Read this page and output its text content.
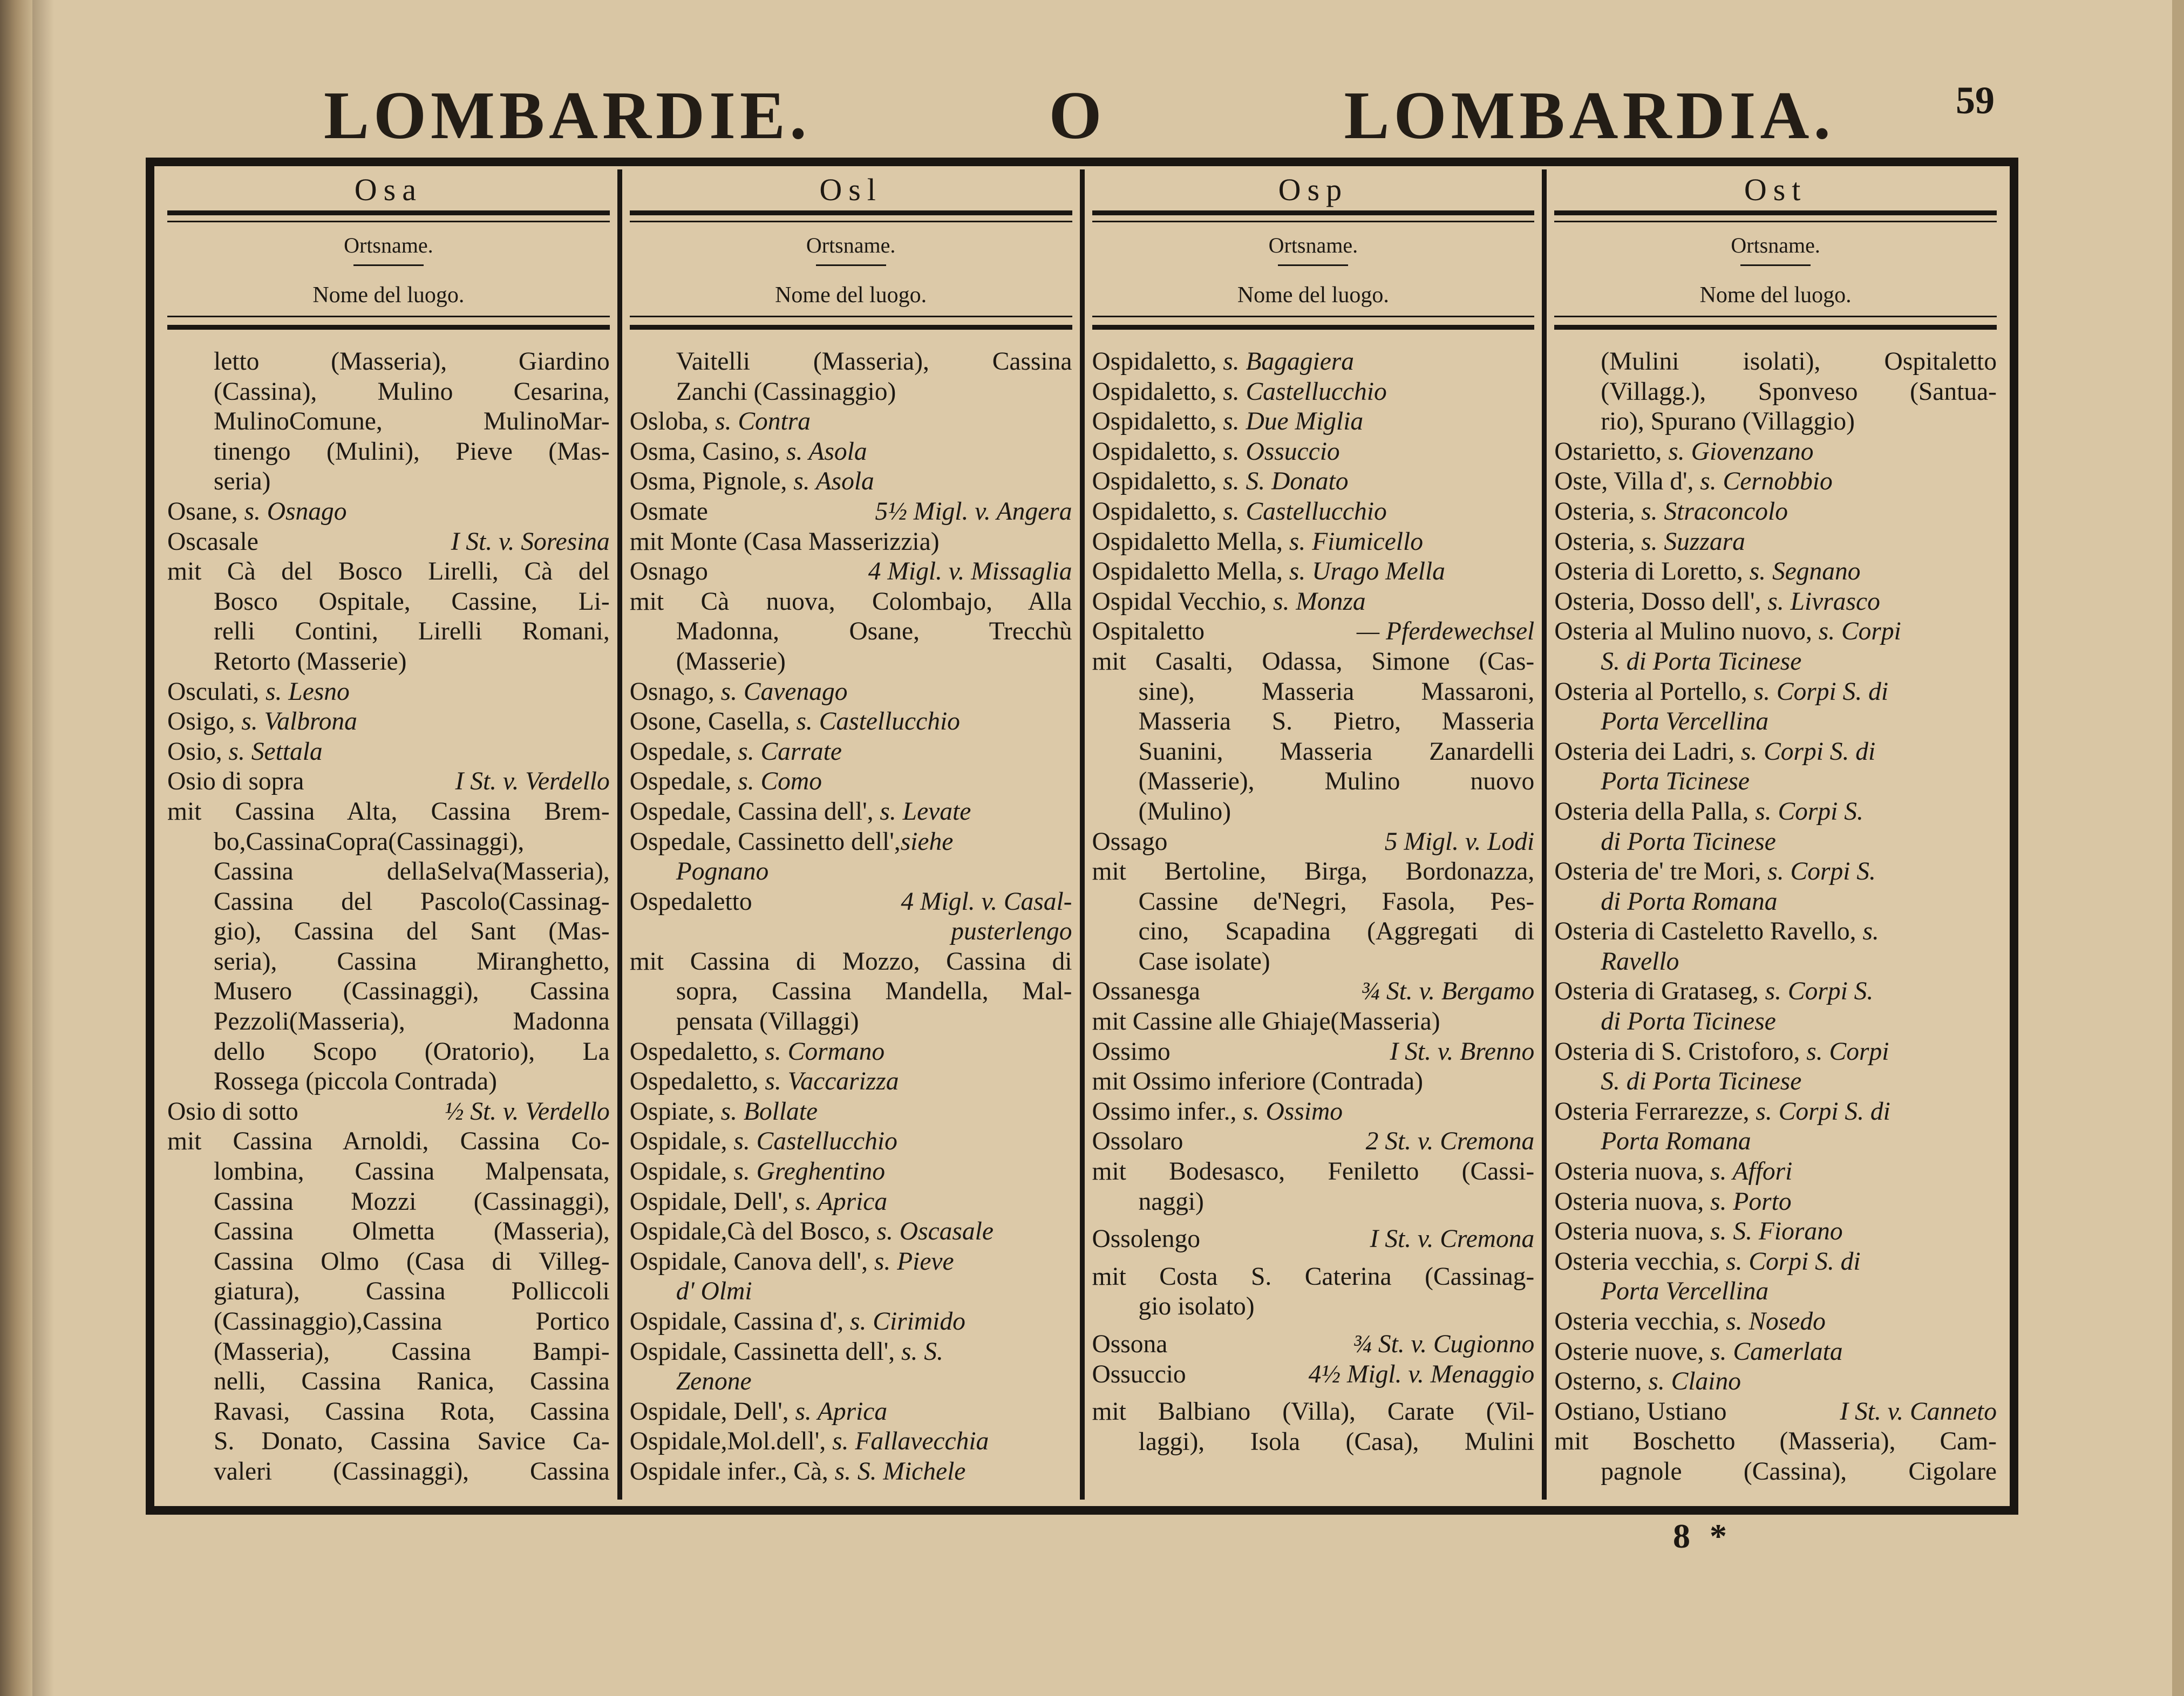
LOMBARDIE.	O	LOMBARDIA.	59
Osa
Ortsname.
Nome del luogo.
letto (Masseria), Giardino
(Cassina), Mulino Cesarina,
MulinoComune, MulinoMar-
tinengo (Mulini), Pieve (Mas-
seria)
Osane, s. Osnago
Oscasale	I St. v. Soresina
mit Cà del Bosco Lirelli, Cà del
Bosco Ospitale, Cassine, Li-
relli Contini, Lirelli Romani,
Retorto (Masserie)
Osculati, s. Lesno
Osigo, s. Valbrona
Osio, s. Settala
Osio di sopra	I St. v. Verdello
mit Cassina Alta, Cassina Brem-
bo,CassinaCopra(Cassinaggi),
Cassina dellaSelva(Masseria),
Cassina del Pascolo(Cassinag-
gio), Cassina del Sant (Mas-
seria), Cassina Miranghetto,
Musero (Cassinaggi), Cassina
Pezzoli(Masseria), Madonna
dello Scopo (Oratorio), La
Rossega (piccola Contrada)
Osio di sotto	½ St. v. Verdello
mit Cassina Arnoldi, Cassina Co-
lombina, Cassina Malpensata,
Cassina Mozzi (Cassinaggi),
Cassina Olmetta (Masseria),
Cassina Olmo (Casa di Villeg-
giatura), Cassina Polliccoli
(Cassinaggio),Cassina Portico
(Masseria), Cassina Bampi-
nelli, Cassina Ranica, Cassina
Ravasi, Cassina Rota, Cassina
S. Donato, Cassina Savice Ca-
valeri (Cassinaggi), Cassina
Osl
Ortsname.
Nome del luogo.
Vaitelli (Masseria), Cassina
Zanchi (Cassinaggio)
Osloba, s. Contra
Osma, Casino, s. Asola
Osma, Pignole, s. Asola
Osmate	5½ Migl. v. Angera
mit Monte (Casa Masserizzia)
Osnago	4 Migl. v. Missaglia
mit Cà nuova, Colombajo, Alla
Madonna, Osane, Trecchù
(Masserie)
Osnago, s. Cavenago
Osone, Casella, s. Castellucchio
Ospedale, s. Carrate
Ospedale, s. Como
Ospedale, Cassina dell', s. Levate
Ospedale, Cassinetto dell',siehe
Pognano
Ospedaletto	4 Migl. v. Casal-
pusterlengo
mit Cassina di Mozzo, Cassina di
sopra, Cassina Mandella, Mal-
pensata (Villaggi)
Ospedaletto, s. Cormano
Ospedaletto, s. Vaccarizza
Ospiate, s. Bollate
Ospidale, s. Castellucchio
Ospidale, s. Greghentino
Ospidale, Dell', s. Aprica
Ospidale,Cà del Bosco, s. Oscasale
Ospidale, Canova dell', s. Pieve
d' Olmi
Ospidale, Cassina d', s. Cirimido
Ospidale, Cassinetta dell', s. S.
Zenone
Ospidale, Dell', s. Aprica
Ospidale,Mol.dell', s. Fallavecchia
Ospidale infer., Cà, s. S. Michele
Osp
Ortsname.
Nome del luogo.
Ospidaletto, s. Bagagiera
Ospidaletto, s. Castellucchio
Ospidaletto, s. Due Miglia
Ospidaletto, s. Ossuccio
Ospidaletto, s. S. Donato
Ospidaletto, s. Castellucchio
Ospidaletto Mella, s. Fiumicello
Ospidaletto Mella, s. Urago Mella
Ospidal Vecchio, s. Monza
Ospitaletto	— Pferdewechsel
mit Casalti, Odassa, Simone (Cas-
sine), Masseria Massaroni,
Masseria S. Pietro, Masseria
Suanini, Masseria Zanardelli
(Masserie), Mulino nuovo
(Mulino)
Ossago	5 Migl. v. Lodi
mit Bertoline, Birga, Bordonazza,
Cassine de'Negri, Fasola, Pes-
cino, Scapadina (Aggregati di
Case isolate)
Ossanesga	¾ St. v. Bergamo
mit Cassine alle Ghiaje(Masseria)
Ossimo	I St. v. Brenno
mit Ossimo inferiore (Contrada)
Ossimo infer., s. Ossimo
Ossolaro	2 St. v. Cremona
mit Bodesasco, Feniletto (Cassi-
naggi)
Ossolengo	I St. v. Cremona
mit Costa S. Caterina (Cassinag-
gio isolato)
Ossona	¾ St. v. Cugionno
Ossuccio	4½ Migl. v. Menaggio
mit Balbiano (Villa), Carate (Vil-
laggi), Isola (Casa), Mulini
Ost
Ortsname.
Nome del luogo.
(Mulini isolati), Ospitaletto
(Villagg.), Sponveso (Santua-
rio), Spurano (Villaggio)
Ostarietto, s. Giovenzano
Oste, Villa d', s. Cernobbio
Osteria, s. Straconcolo
Osteria, s. Suzzara
Osteria di Loretto, s. Segnano
Osteria, Dosso dell', s. Livrasco
Osteria al Mulino nuovo, s. Corpi
S. di Porta Ticinese
Osteria al Portello, s. Corpi S. di
Porta Vercellina
Osteria dei Ladri, s. Corpi S. di
Porta Ticinese
Osteria della Palla, s. Corpi S.
di Porta Ticinese
Osteria de' tre Mori, s. Corpi S.
di Porta Romana
Osteria di Casteletto Ravello, s.
Ravello
Osteria di Grataseg, s. Corpi S.
di Porta Ticinese
Osteria di S. Cristoforo, s. Corpi
S. di Porta Ticinese
Osteria Ferrarezze, s. Corpi S. di
Porta Romana
Osteria nuova, s. Affori
Osteria nuova, s. Porto
Osteria nuova, s. S. Fiorano
Osteria vecchia, s. Corpi S. di
Porta Vercellina
Osteria vecchia, s. Nosedo
Osterie nuove, s. Camerlata
Osterno, s. Claino
Ostiano, Ustiano	I St. v. Canneto
mit Boschetto (Masseria), Cam-
pagnole (Cassina), Cigolare
8 *
